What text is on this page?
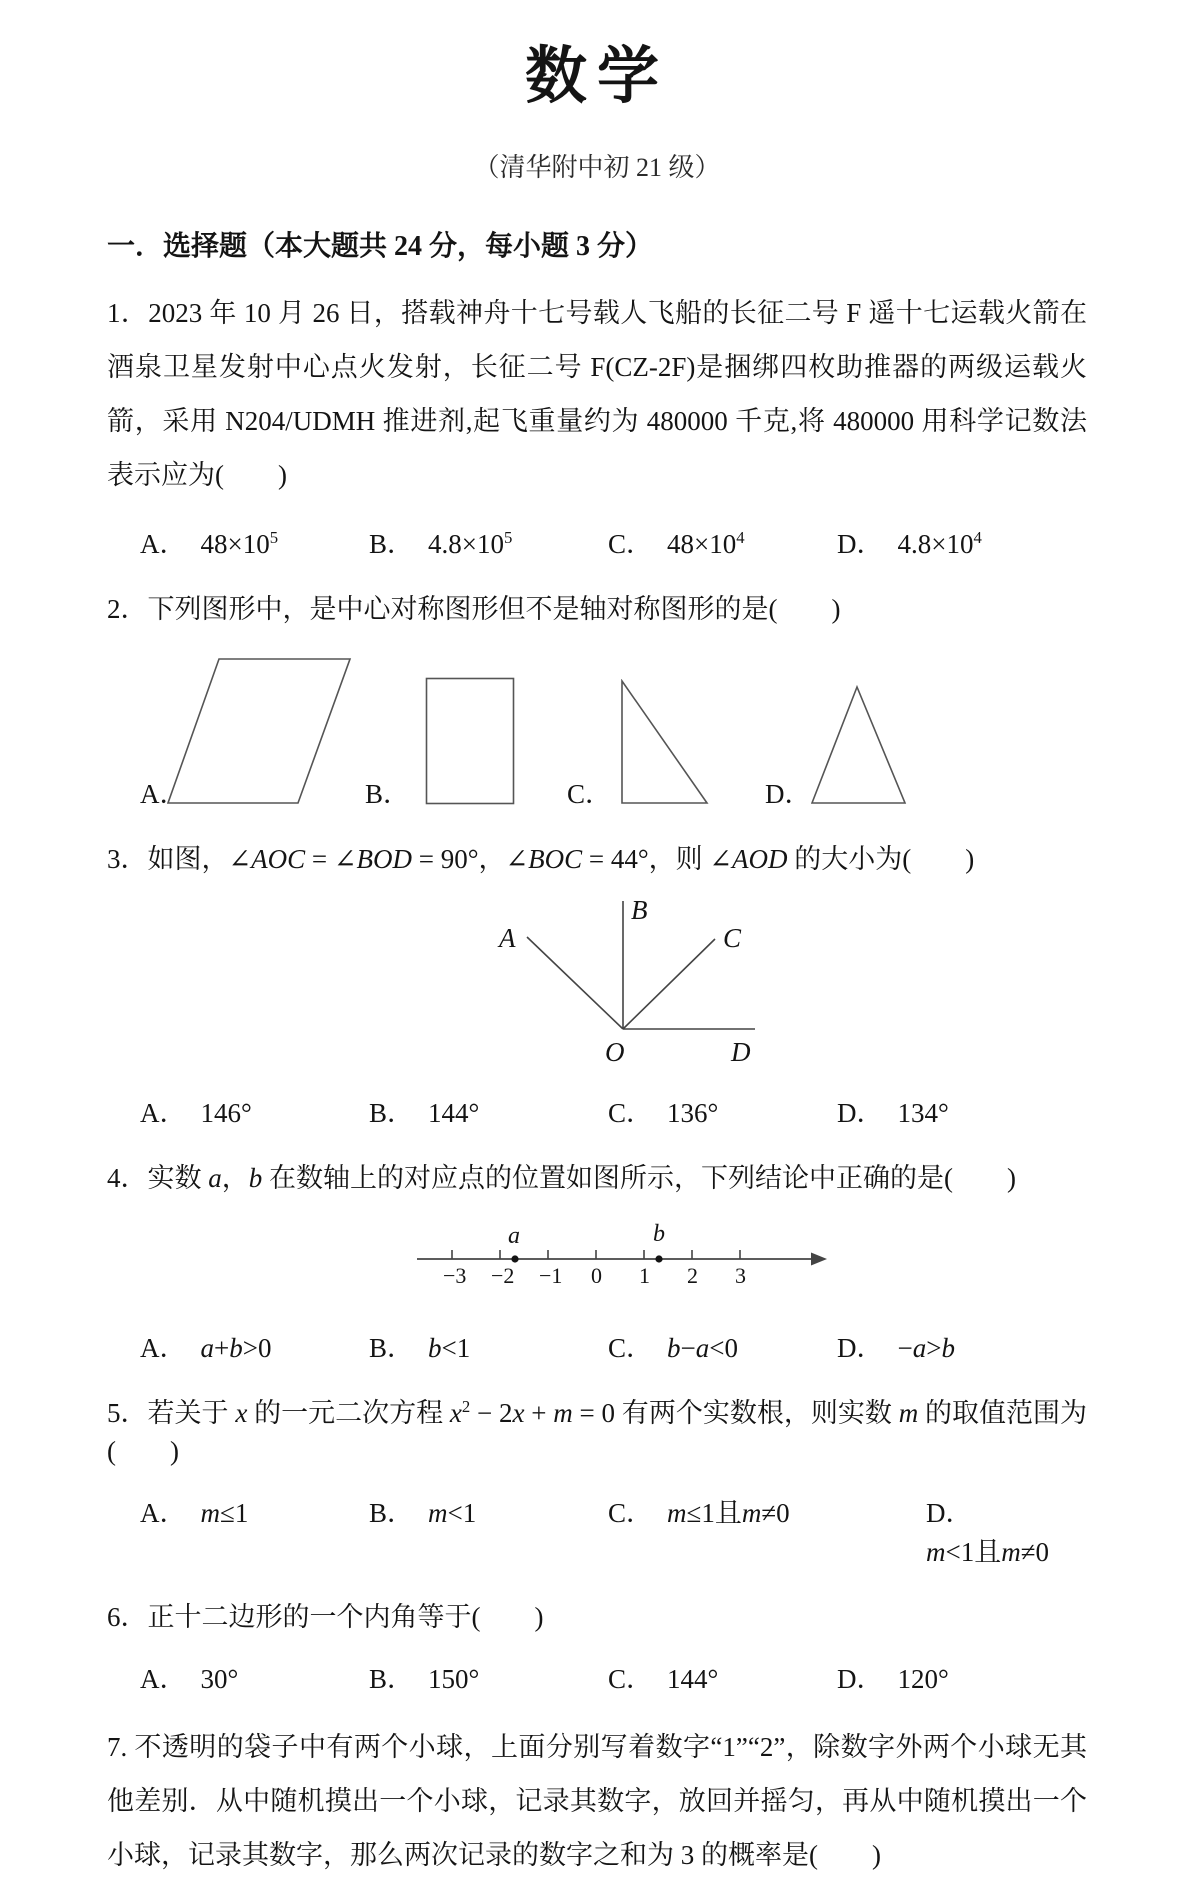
数学
（清华附中初 21 级）
一．选择题（本大题共 24 分，每小题 3 分）

1．2023 年 10 月 26 日，搭载神舟十七号载人飞船的长征二号 F 遥十七运载火箭在酒泉卫星发射中心点火发射，长征二号 F(CZ-2F)是捆绑四枚助推器的两级运载火箭，采用 N204/UDMH 推进剂,起飞重量约为 480000 千克,将 480000 用科学记数法表示应为(　　)

A． $48\times 10^5$	B． $4.8\times 10^5$	C． $48\times 10^4$	D． $4.8\times 10^4$

2．下列图形中，是中心对称图形但不是轴对称图形的是(　　)

A．	B．	C．	D．

3．如图，∠AOC = ∠BOD = 90°，∠BOC = 44°，则 ∠AOD 的大小为(　　)

A
B
C
O	D
A． 146°	B． 144°	C． 136°	D． 134°

4．实数 a，b 在数轴上的对应点的位置如图所示，下列结论中正确的是(　　)

−3 −2 −1 0 1 2 3
a	b
A． a+b>0	B． b<1	C． b−a<0	D． −a>b

5．若关于 x 的一元二次方程 $x^2 - 2x + m = 0$ 有两个实数根，则实数 m 的取值范围为(　　)

A． m≤1	B． m<1	C． m≤1且m≠0	D．m<1且m≠0

6．正十二边形的一个内角等于(　　)

A． 30°	B． 150°	C． 144°	D． 120°

7. 不透明的袋子中有两个小球，上面分别写着数字“1”“2”，除数字外两个小球无其他差别．从中随机摸出一个小球，记录其数字，放回并摇匀，再从中随机摸出一个小球，记录其数字，那么两次记录的数字之和为 3 的概率是(　　)
